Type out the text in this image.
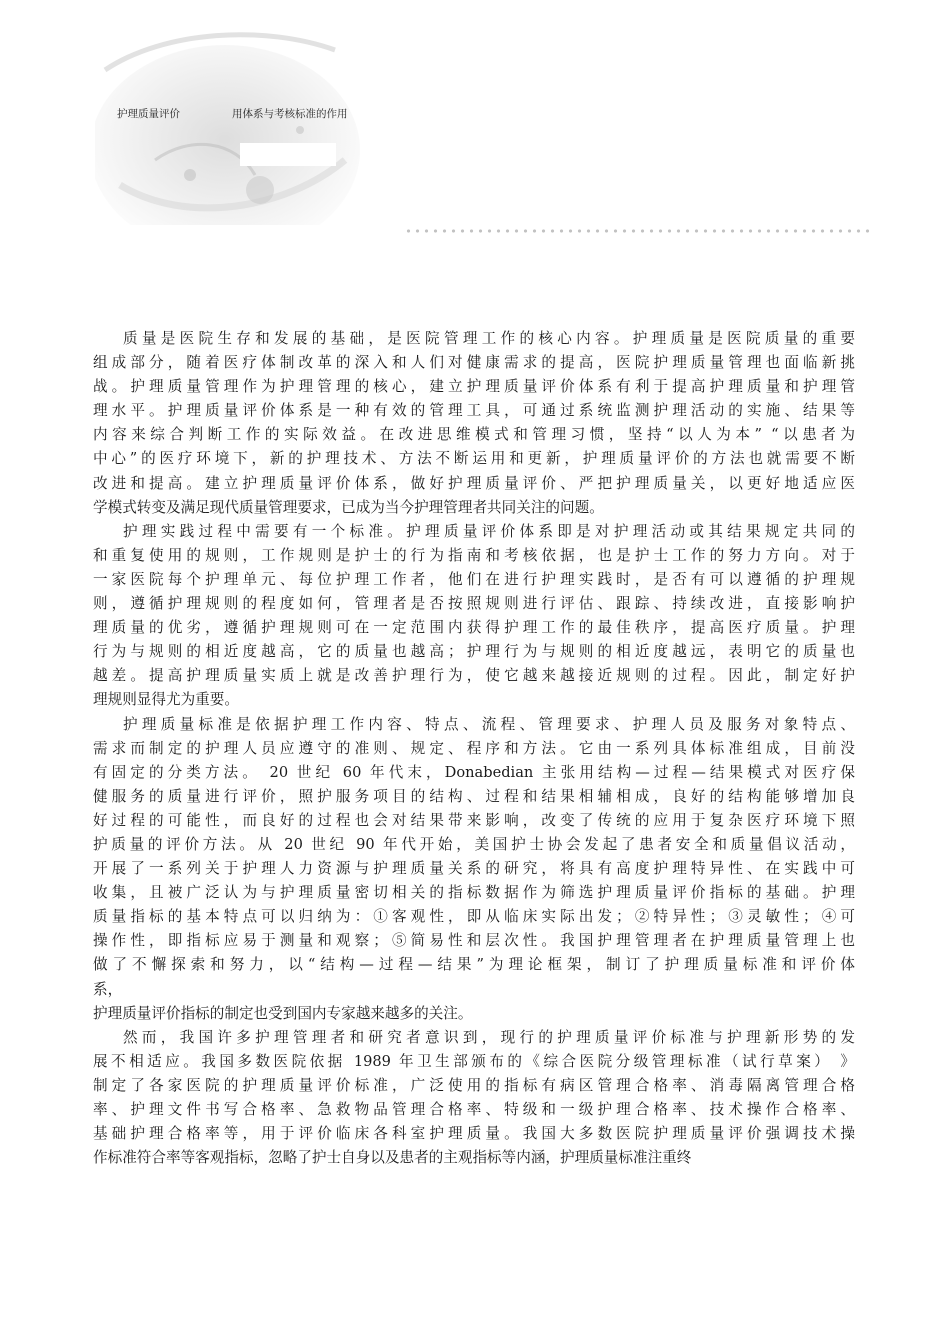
护理质量评价	用体系与考核标准的作用
质量是医院生存和发展的基础，是医院管理工作的核心内容。护理质量是医院质量的重要
组成部分，随着医疗体制改革的深入和人们对健康需求的提高，医院护理质量管理也面临新挑
战。护理质量管理作为护理管理的核心，建立护理质量评价体系有利于提高护理质量和护理管
理水平。护理质量评价体系是一种有效的管理工具，可通过系统监测护理活动的实施、结果等
内容来综合判断工作的实际效益。在改进思维模式和管理习惯，坚持“以人为本” “以患者为
中心”的医疗环境下，新的护理技术、方法不断运用和更新，护理质量评价的方法也就需要不断
改进和提高。建立护理质量评价体系，做好护理质量评价、严把护理质量关，以更好地适应医
学模式转变及满足现代质量管理要求，已成为当今护理管理者共同关注的问题。
护理实践过程中需要有一个标准。护理质量评价体系即是对护理活动或其结果规定共同的
和重复使用的规则，工作规则是护士的行为指南和考核依据，也是护士工作的努力方向。对于
一家医院每个护理单元、每位护理工作者，他们在进行护理实践时，是否有可以遵循的护理规
则，遵循护理规则的程度如何，管理者是否按照规则进行评估、跟踪、持续改进，直接影响护
理质量的优劣，遵循护理规则可在一定范围内获得护理工作的最佳秩序，提高医疗质量。护理
行为与规则的相近度越高，它的质量也越高；护理行为与规则的相近度越远，表明它的质量也
越差。提高护理质量实质上就是改善护理行为，使它越来越接近规则的过程。因此，制定好护
理规则显得尤为重要。
护理质量标准是依据护理工作内容、特点、流程、管理要求、护理人员及服务对象特点、
需求而制定的护理人员应遵守的准则、规定、程序和方法。它由一系列具体标准组成，目前没
有固定的分类方法。 20 世纪 60 年代末，Donabedian 主张用结构—过程—结果模式对医疗保
健服务的质量进行评价，照护服务项目的结构、过程和结果相辅相成，良好的结构能够增加良
好过程的可能性，而良好的过程也会对结果带来影响，改变了传统的应用于复杂医疗环境下照
护质量的评价方法。从 20 世纪 90 年代开始，美国护士协会发起了患者安全和质量倡议活动，
开展了一系列关于护理人力资源与护理质量关系的研究，将具有高度护理特异性、在实践中可
收集，且被广泛认为与护理质量密切相关的指标数据作为筛选护理质量评价指标的基础。护理
质量指标的基本特点可以归纳为：①客观性，即从临床实际出发；②特异性；③灵敏性；④可
操作性，即指标应易于测量和观察；⑤简易性和层次性。我国护理管理者在护理质量管理上也
做了不懈探索和努力，以“结构—过程—结果”为理论框架，制订了护理质量标准和评价体
系，
护理质量评价指标的制定也受到国内专家越来越多的关注。
然而，我国许多护理管理者和研究者意识到，现行的护理质量评价标准与护理新形势的发
展不相适应。我国多数医院依据 1989 年卫生部颁布的《综合医院分级管理标准（试行草案） 》
制定了各家医院的护理质量评价标准，广泛使用的指标有病区管理合格率、消毒隔离管理合格
率、护理文件书写合格率、急救物品管理合格率、特级和一级护理合格率、技术操作合格率、
基础护理合格率等，用于评价临床各科室护理质量。我国大多数医院护理质量评价强调技术操
作标准符合率等客观指标，忽略了护士自身以及患者的主观指标等内涵，护理质量标准注重终
